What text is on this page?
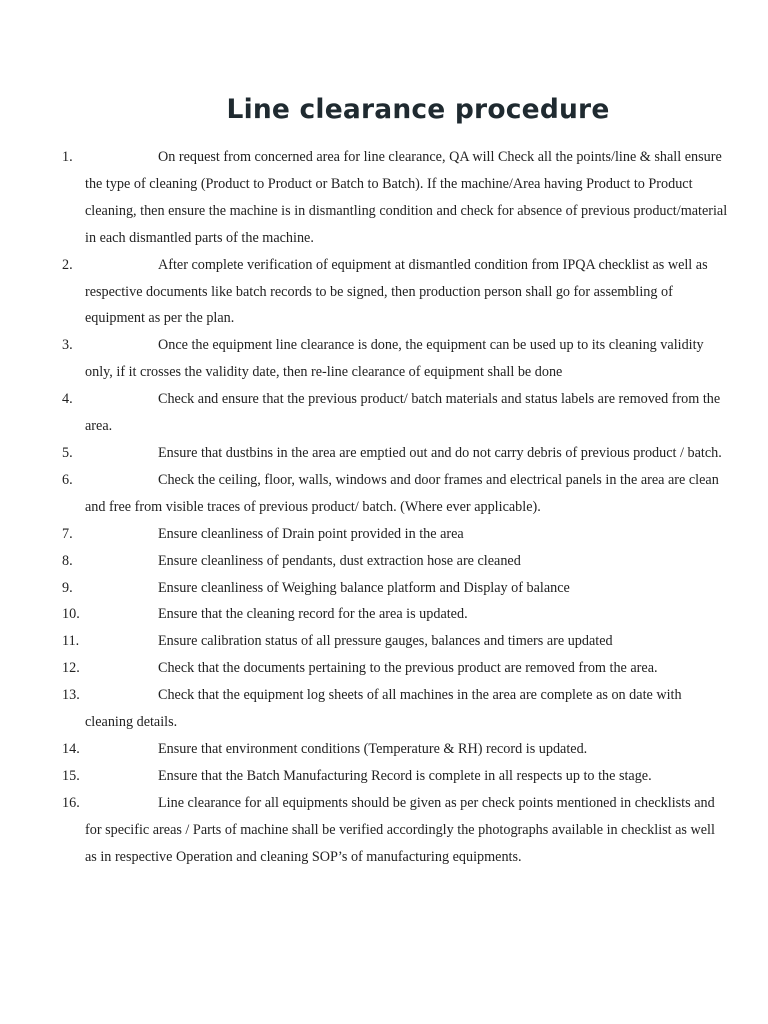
Line clearance procedure
1.	On request from concerned area for line clearance, QA will Check all the points/line & shall ensure the type of cleaning (Product to Product or Batch to Batch). If the machine/Area having Product to Product cleaning, then ensure the machine is in dismantling condition and check for absence of previous product/material in each dismantled parts of the machine.
2.	After complete verification of equipment at dismantled condition from IPQA checklist as well as respective documents like batch records to be signed, then production person shall go for assembling of equipment as per the plan.
3.	Once the equipment line clearance is done, the equipment can be used up to its cleaning validity only, if it crosses the validity date, then re-line clearance of equipment shall be done
4.	Check and ensure that the previous product/ batch materials and status labels are removed from the area.
5.	Ensure that dustbins in the area are emptied out and do not carry debris of previous product / batch.
6.	Check the ceiling, floor, walls, windows and door frames and electrical panels in the area are clean and free from visible traces of previous product/ batch. (Where ever applicable).
7.	Ensure cleanliness of Drain point provided in the area
8.	Ensure cleanliness of pendants, dust extraction hose are cleaned
9.	Ensure cleanliness of Weighing balance platform and Display of balance
10.	Ensure that the cleaning record for the area is updated.
11.	Ensure calibration status of all pressure gauges, balances and timers are updated
12.	Check that the documents pertaining to the previous product are removed from the area.
13.	Check that the equipment log sheets of all machines in the area are complete as on date with cleaning details.
14.	Ensure that environment conditions (Temperature & RH) record is updated.
15.	Ensure that the Batch Manufacturing Record is complete in all respects up to the stage.
16.	Line clearance for all equipments should be given as per check points mentioned in checklists and for specific areas / Parts of machine shall be verified accordingly the photographs available in checklist as well as in respective Operation and cleaning SOP’s of manufacturing equipments.
